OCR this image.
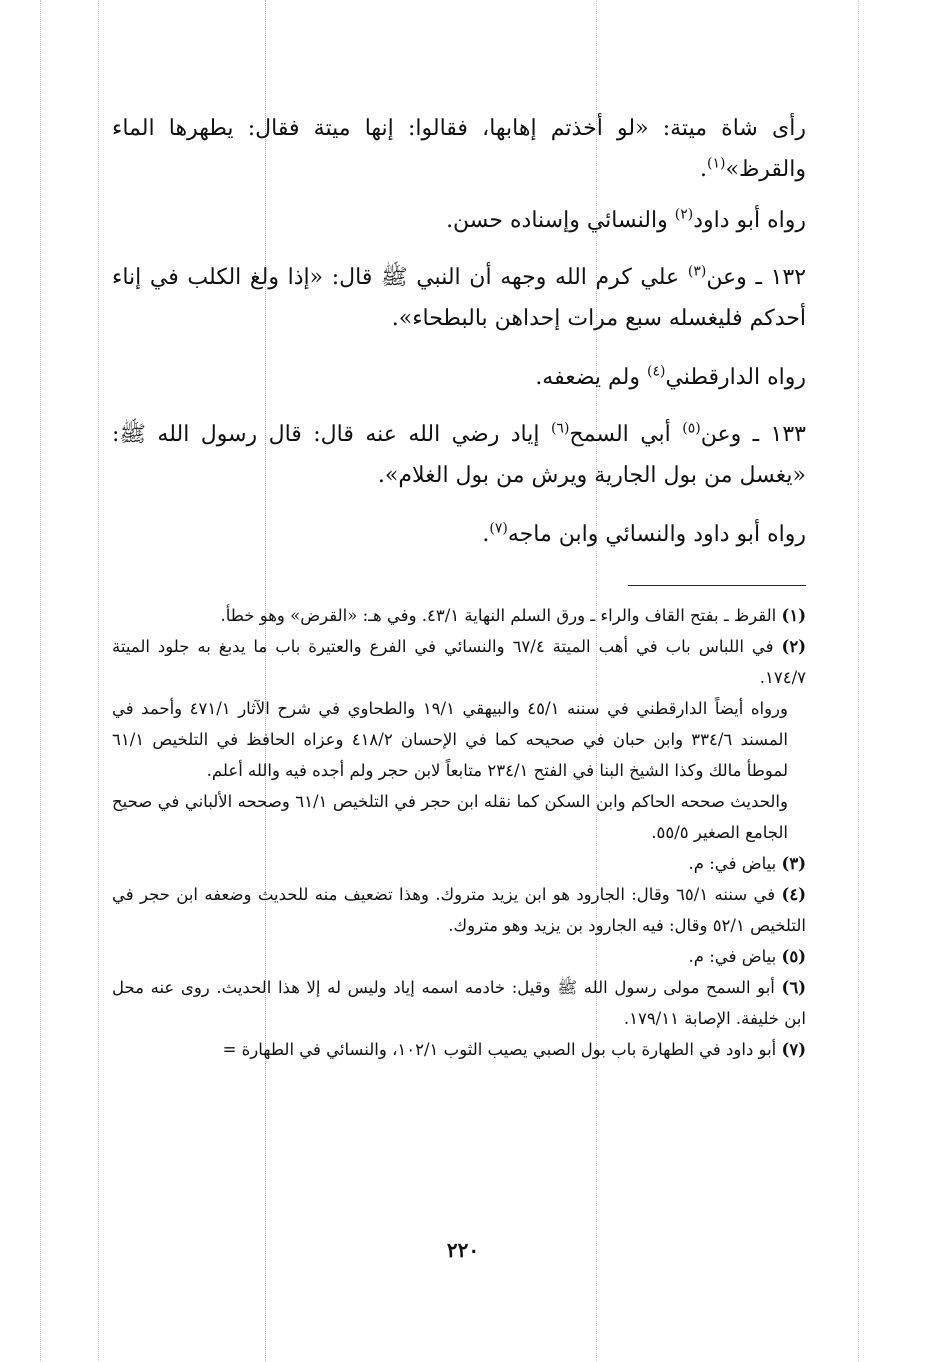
رأى شاة ميتة: «لو أخذتم إهابها، فقالوا: إنها ميتة فقال: يطهرها الماء والقرظ»$^{(١)}$.

رواه أبو داود$^{(٢)}$ والنسائي وإسناده حسن.

١٣٢ ـ وعن$^{(٣)}$ علي كرم الله وجهه أن النبي ﷺ قال: «إذا ولغ الكلب في إناء أحدكم فليغسله سبع مرات إحداهن بالبطحاء».

رواه الدارقطني$^{(٤)}$ ولم يضعفه.

١٣٣ ـ وعن$^{(٥)}$ أبي السمح$^{(٦)}$ إياد رضي الله عنه قال: قال رسول الله ﷺ: «يغسل من بول الجارية ويرش من بول الغلام».

رواه أبو داود والنسائي وابن ماجه$^{(٧)}$.

(١) القرظ ـ بفتح القاف والراء ـ ورق السلم النهاية ٤٣/١. وفي هـ: «القرض» وهو خطأ.

(٢) في اللباس باب في أهب الميتة ٦٧/٤ والنسائي في الفرع والعتيرة باب ما يدبغ به جلود الميتة ١٧٤/٧.

ورواه أيضاً الدارقطني في سننه ٤٥/١ والبيهقي ١٩/١ والطحاوي في شرح الآثار ٤٧١/١ وأحمد في المسند ٣٣٤/٦ وابن حبان في صحيحه كما في الإحسان ٤١٨/٢ وعزاه الحافظ في التلخيص ٦١/١ لموطأ مالك وكذا الشيخ البنا في الفتح ٢٣٤/١ متابعاً لابن حجر ولم أجده فيه والله أعلم.

والحديث صححه الحاكم وابن السكن كما نقله ابن حجر في التلخيص ٦١/١ وصححه الألباني في صحيح الجامع الصغير ٥٥/٥.

(٣) بياض في: م.

(٤) في سننه ٦٥/١ وقال: الجارود هو ابن يزيد متروك. وهذا تضعيف منه للحديث وضعفه ابن حجر في التلخيص ٥٢/١ وقال: فيه الجارود بن يزيد وهو متروك.

(٥) بياض في: م.

(٦) أبو السمح مولى رسول الله ﷺ وقيل: خادمه اسمه إياد وليس له إلا هذا الحديث. روى عنه محل ابن خليفة. الإصابة ١٧٩/١١.

(٧) أبو داود في الطهارة باب بول الصبي يصيب الثوب ١٠٢/١، والنسائي في الطهارة =

٢٢٠
